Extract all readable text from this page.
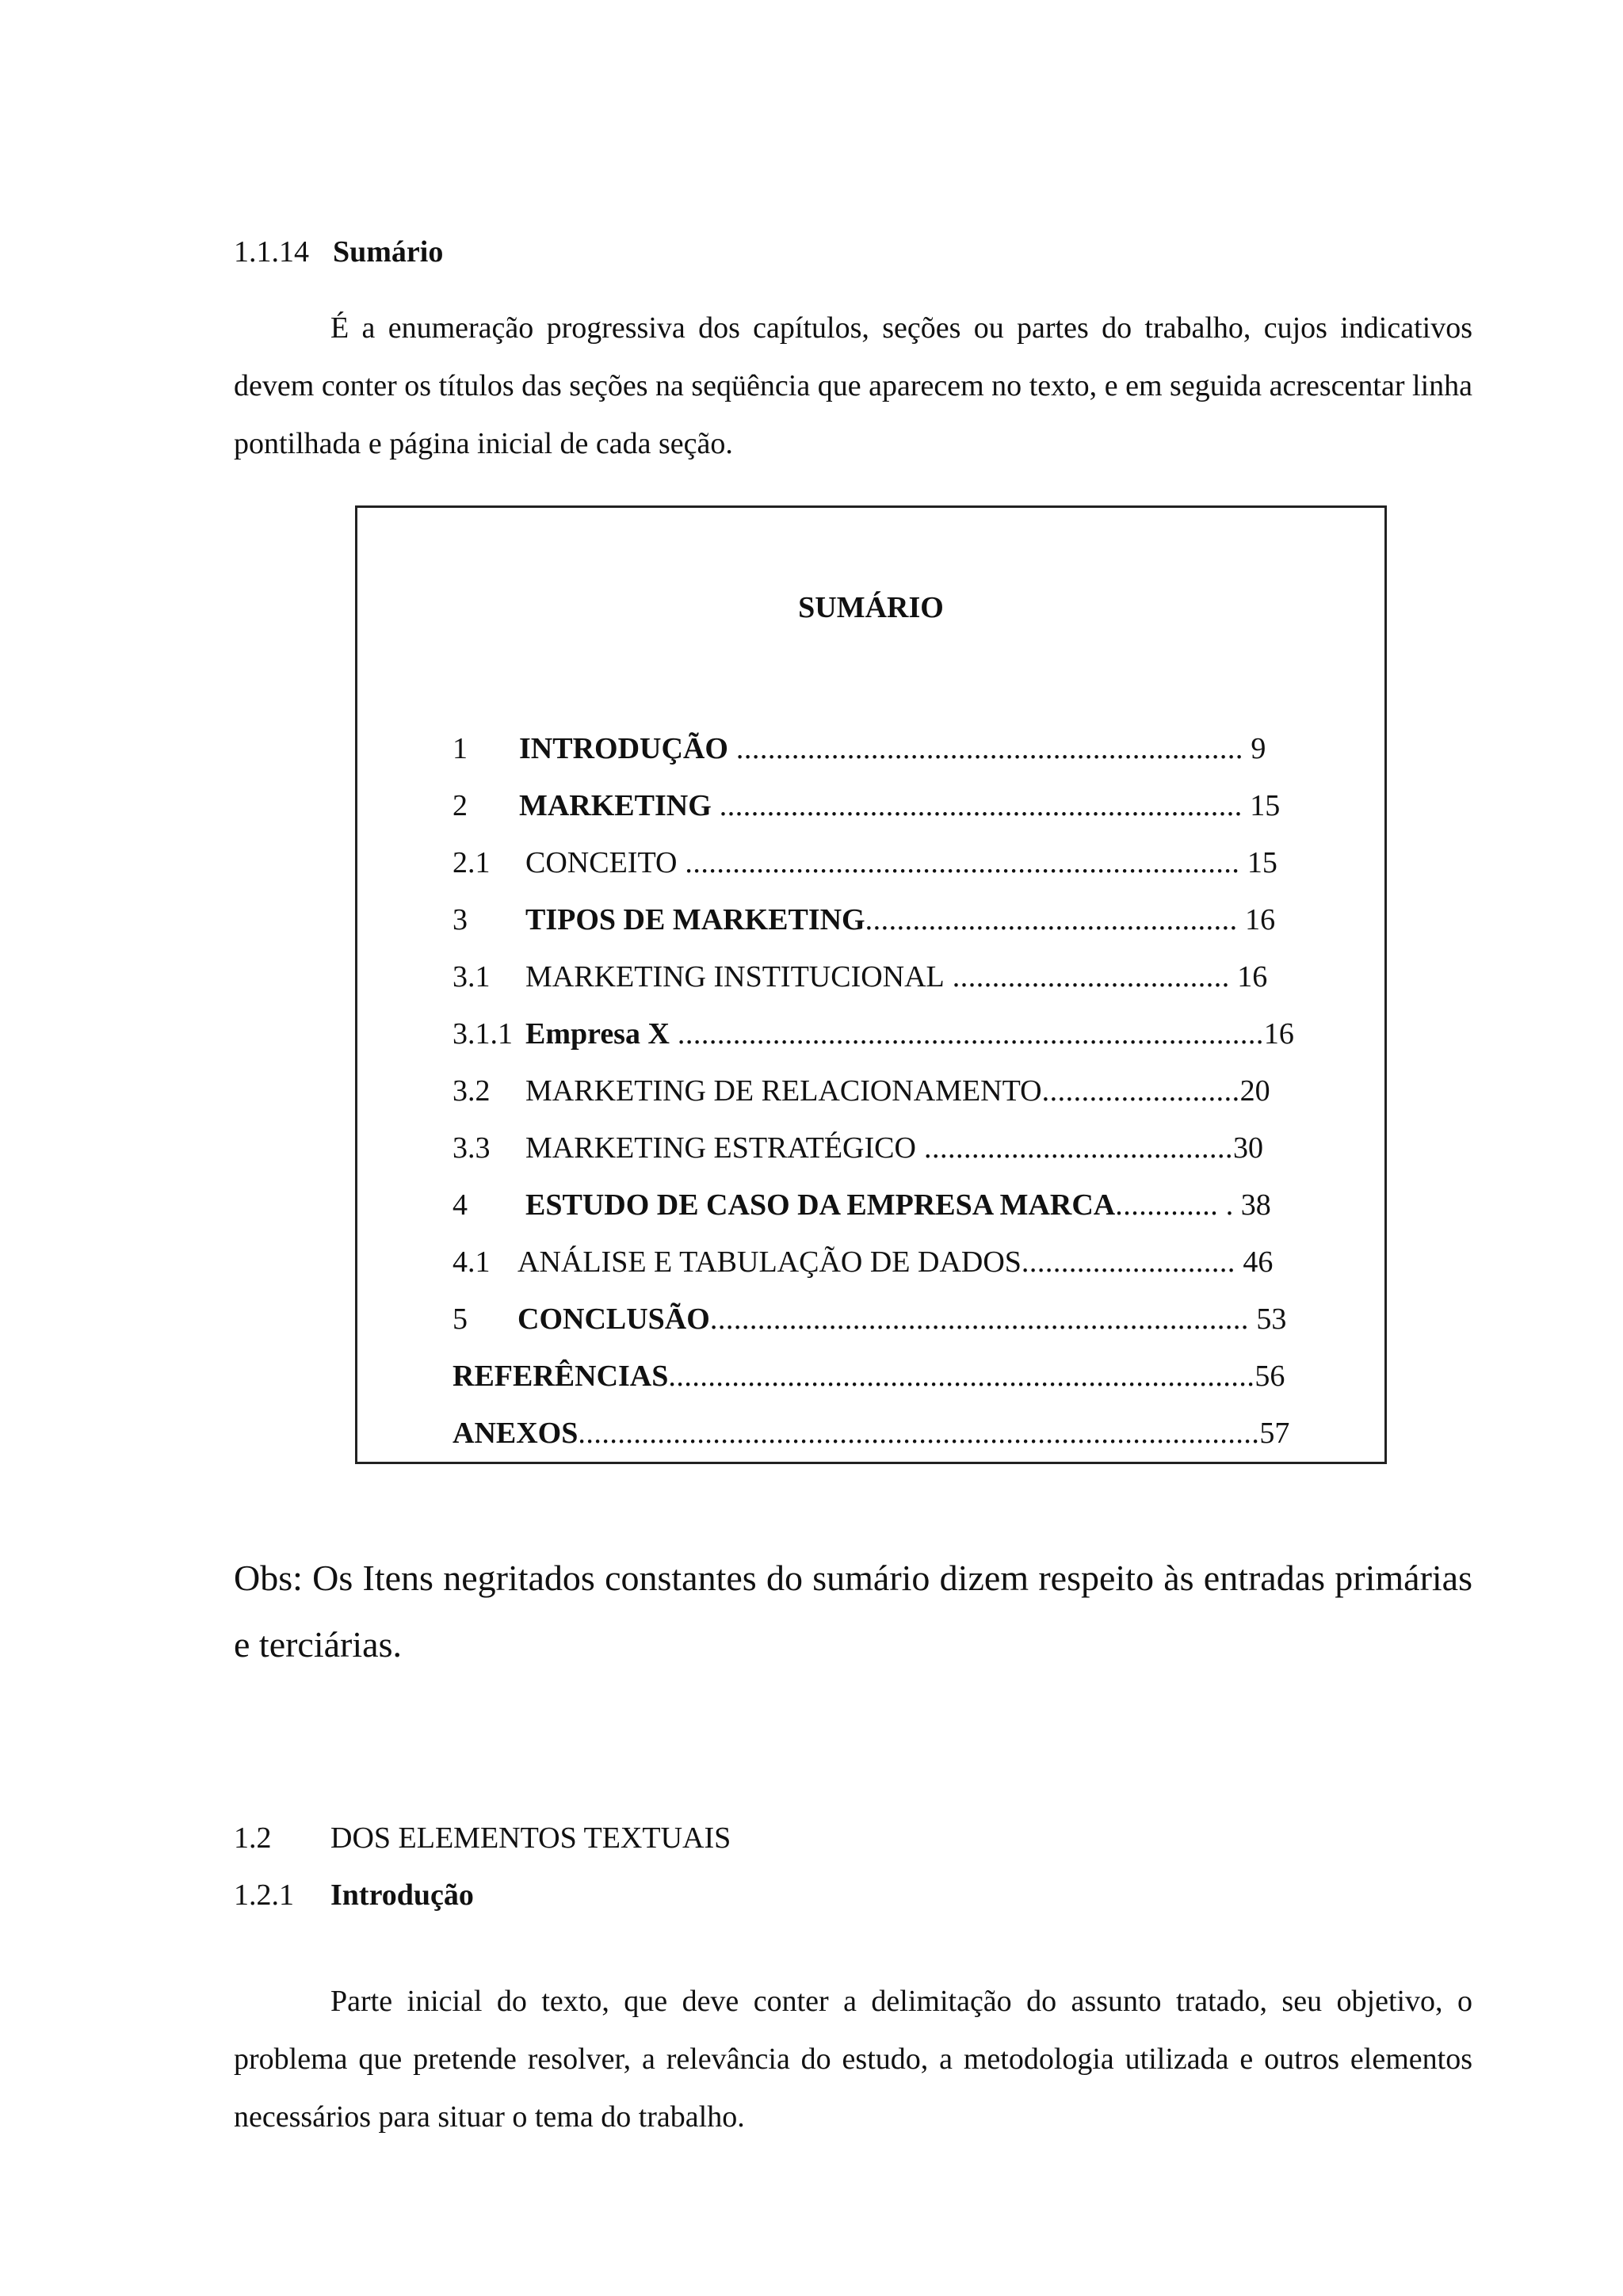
1.1.14 Sumário
É a enumeração progressiva dos capítulos, seções ou partes do trabalho, cujos indicativos devem conter os títulos das seções na seqüência que aparecem no texto, e em seguida acrescentar linha pontilhada e página inicial de cada seção.
SUMÁRIO
1 INTRODUÇÃO ................................................................ 9
2 MARKETING .................................................................. 15
2.1 CONCEITO ...................................................................... 15
3 TIPOS DE MARKETING............................................... 16
3.1 MARKETING INSTITUCIONAL ................................... 16
3.1.1 Empresa X ..........................................................................16
3.2 MARKETING DE RELACIONAMENTO.........................20
3.3 MARKETING ESTRATÉGICO .......................................30
4 ESTUDO DE CASO DA EMPRESA MARCA............. . 38
4.1 ANÁLISE E TABULAÇÃO DE DADOS........................... 46
5 CONCLUSÃO.................................................................... 53
REFERÊNCIAS..........................................................................56
ANEXOS......................................................................................57
Obs: Os Itens negritados constantes do sumário dizem respeito às entradas primárias e terciárias.
1.2 DOS ELEMENTOS TEXTUAIS
1.2.1 Introdução
Parte inicial do texto, que deve conter a delimitação do assunto tratado, seu objetivo, o problema que pretende resolver, a relevância do estudo, a metodologia utilizada e outros elementos necessários para situar o tema do trabalho.
